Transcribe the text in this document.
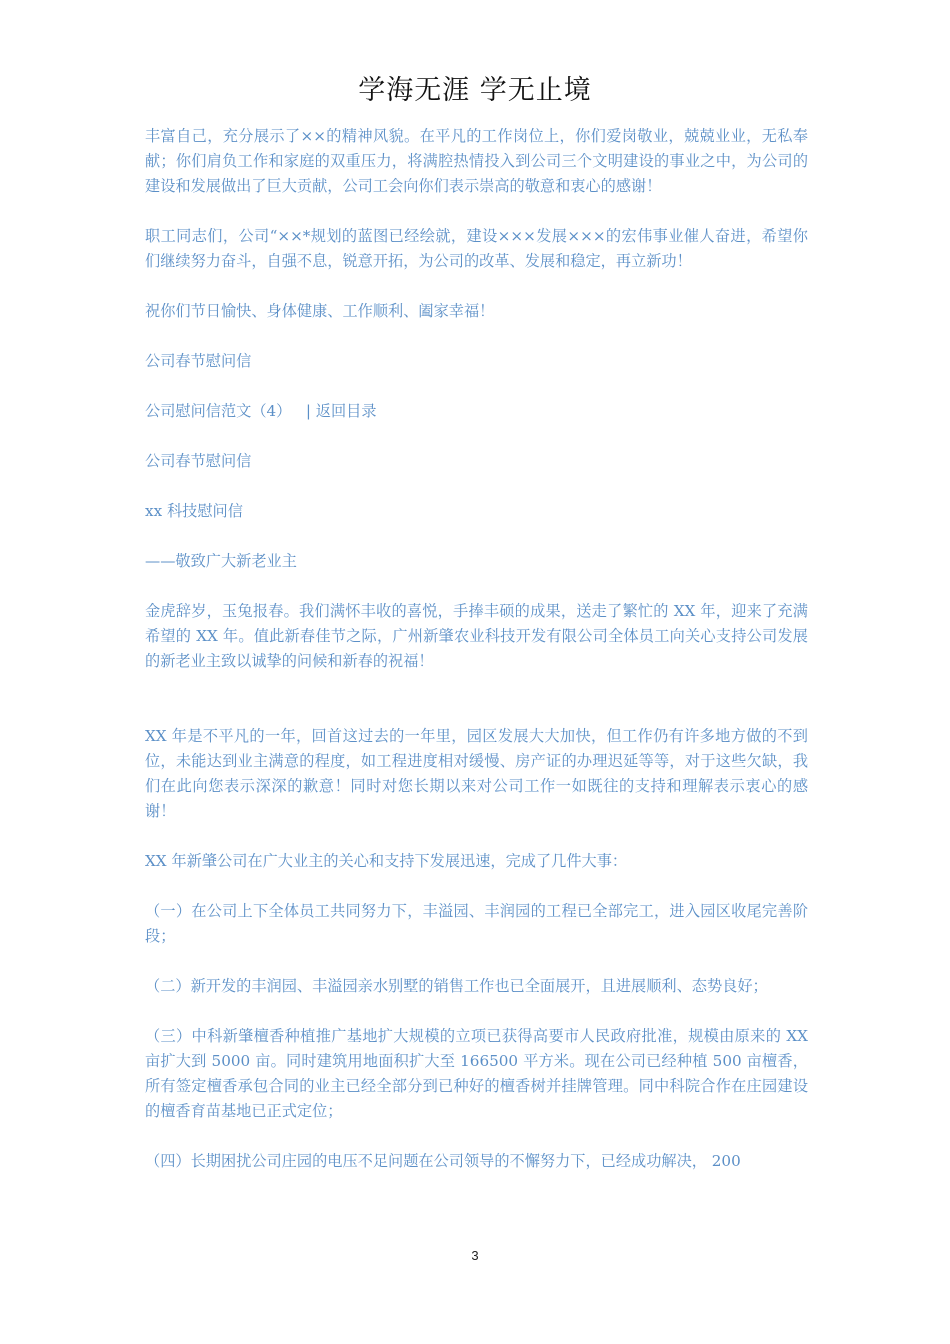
学海无涯 学无止境

丰富自己，充分展示了××的精神风貌。在平凡的工作岗位上，你们爱岗敬业，兢兢业业，无私奉献；你们肩负工作和家庭的双重压力，将满腔热情投入到公司三个文明建设的事业之中，为公司的建设和发展做出了巨大贡献，公司工会向你们表示崇高的敬意和衷心的感谢！

职工同志们，公司“××*规划的蓝图已经绘就，建设×××发展×××的宏伟事业催人奋进，希望你们继续努力奋斗，自强不息，锐意开拓，为公司的改革、发展和稳定，再立新功！

祝你们节日愉快、身体健康、工作顺利、阖家幸福！

公司春节慰问信

公司慰问信范文（4） | 返回目录

公司春节慰问信

xx 科技慰问信

——敬致广大新老业主

金虎辞岁，玉兔报春。我们满怀丰收的喜悦，手捧丰硕的成果，送走了繁忙的 XX 年，迎来了充满希望的 XX 年。值此新春佳节之际，广州新肇农业科技开发有限公司全体员工向关心支持公司发展的新老业主致以诚挚的问候和新春的祝福！

XX 年是不平凡的一年，回首这过去的一年里，园区发展大大加快，但工作仍有许多地方做的不到位，未能达到业主满意的程度，如工程进度相对缓慢、房产证的办理迟延等等，对于这些欠缺，我们在此向您表示深深的歉意！同时对您长期以来对公司工作一如既往的支持和理解表示衷心的感谢！

XX 年新肇公司在广大业主的关心和支持下发展迅速，完成了几件大事：

（一）在公司上下全体员工共同努力下，丰溢园、丰润园的工程已全部完工，进入园区收尾完善阶段；

（二）新开发的丰润园、丰溢园亲水别墅的销售工作也已全面展开，且进展顺利、态势良好；

（三）中科新肇檀香种植推广基地扩大规模的立项已获得高要市人民政府批准，规模由原来的 XX 亩扩大到 5000 亩。同时建筑用地面积扩大至 166500 平方米。现在公司已经种植 500 亩檀香，所有签定檀香承包合同的业主已经全部分到已种好的檀香树并挂牌管理。同中科院合作在庄园建设的檀香育苗基地已正式定位；

（四）长期困扰公司庄园的电压不足问题在公司领导的不懈努力下，已经成功解决， 200

3
